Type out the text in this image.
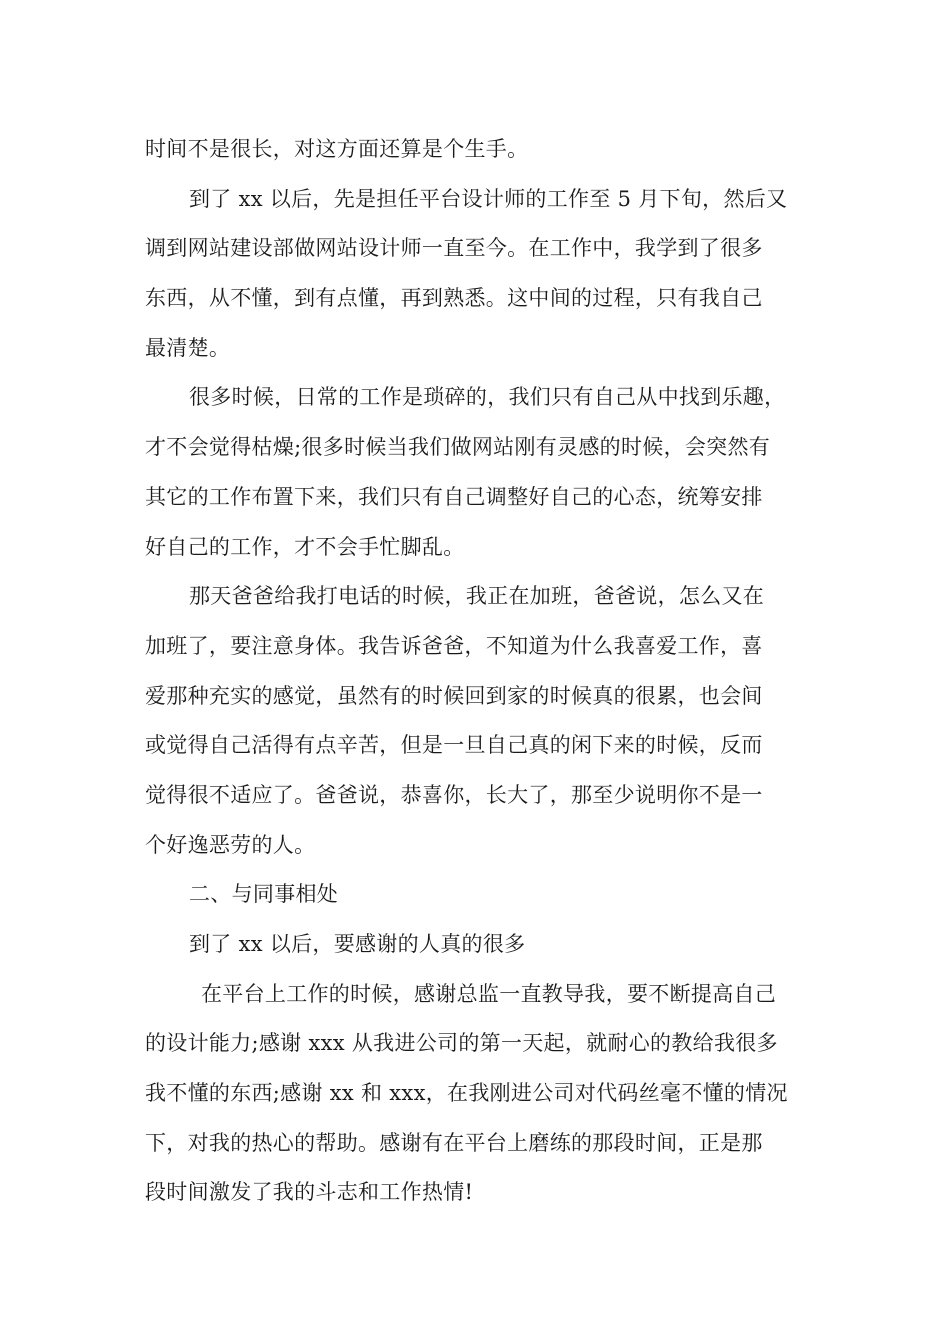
时间不是很长，对这方面还算是个生手。
到了 xx 以后，先是担任平台设计师的工作至 5 月下旬，然后又
调到网站建设部做网站设计师一直至今。在工作中，我学到了很多
东西，从不懂，到有点懂，再到熟悉。这中间的过程，只有我自己
最清楚。
很多时候，日常的工作是琐碎的，我们只有自己从中找到乐趣，
才不会觉得枯燥;很多时候当我们做网站刚有灵感的时候，会突然有
其它的工作布置下来，我们只有自己调整好自己的心态，统筹安排
好自己的工作，才不会手忙脚乱。
那天爸爸给我打电话的时候，我正在加班，爸爸说，怎么又在
加班了，要注意身体。我告诉爸爸，不知道为什么我喜爱工作，喜
爱那种充实的感觉，虽然有的时候回到家的时候真的很累，也会间
或觉得自己活得有点辛苦，但是一旦自己真的闲下来的时候，反而
觉得很不适应了。爸爸说，恭喜你，长大了，那至少说明你不是一
个好逸恶劳的人。
二、与同事相处
到了 xx 以后，要感谢的人真的很多
在平台上工作的时候，感谢总监一直教导我，要不断提高自己
的设计能力;感谢 xxx 从我进公司的第一天起，就耐心的教给我很多
我不懂的东西;感谢 xx 和 xxx，在我刚进公司对代码丝毫不懂的情况
下，对我的热心的帮助。感谢有在平台上磨练的那段时间，正是那
段时间激发了我的斗志和工作热情!
